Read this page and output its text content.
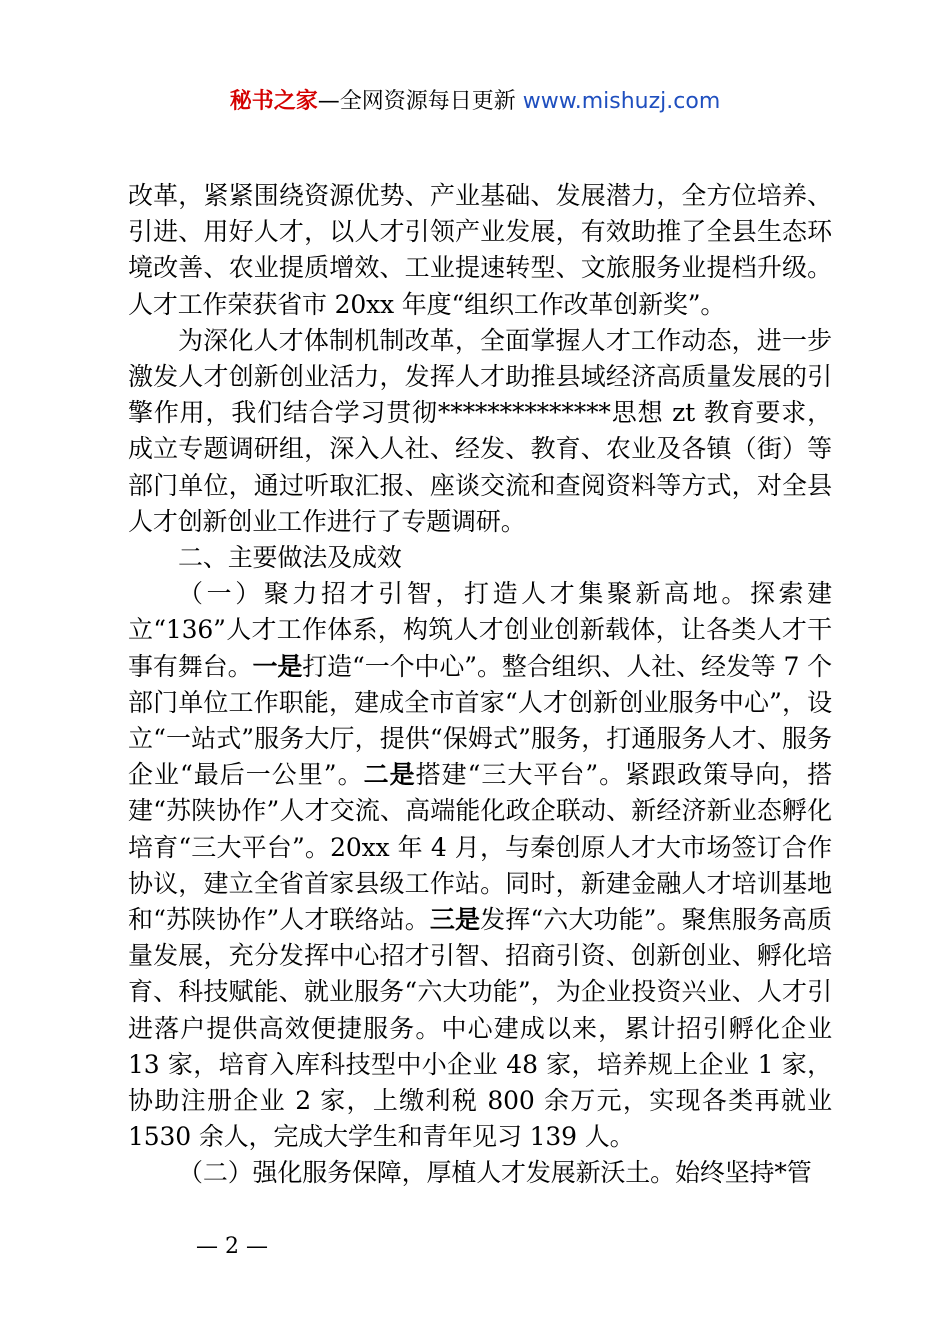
秘书之家—全网资源每日更新 www.mishuzj.com

改革，紧紧围绕资源优势、产业基础、发展潜力，全方位培养、引进、用好人才，以人才引领产业发展，有效助推了全县生态环境改善、农业提质增效、工业提速转型、文旅服务业提档升级。人才工作荣获省市 20xx 年度“组织工作改革创新奖”。

为深化人才体制机制改革，全面掌握人才工作动态，进一步激发人才创新创业活力，发挥人才助推县域经济高质量发展的引擎作用，我们结合学习贯彻**************思想 zt 教育要求，成立专题调研组，深入人社、经发、教育、农业及各镇（街）等部门单位，通过听取汇报、座谈交流和查阅资料等方式，对全县人才创新创业工作进行了专题调研。

二、主要做法及成效

（一）聚力招才引智，打造人才集聚新高地。探索建立“136”人才工作体系，构筑人才创业创新载体，让各类人才干事有舞台。一是打造“一个中心”。整合组织、人社、经发等 7 个部门单位工作职能，建成全市首家“人才创新创业服务中心”，设立“一站式”服务大厅，提供“保姆式”服务，打通服务人才、服务企业“最后一公里”。二是搭建“三大平台”。紧跟政策导向，搭建“苏陕协作”人才交流、高端能化政企联动、新经济新业态孵化培育“三大平台”。20xx 年 4 月，与秦创原人才大市场签订合作协议，建立全省首家县级工作站。同时，新建金融人才培训基地和“苏陕协作”人才联络站。三是发挥“六大功能”。聚焦服务高质量发展，充分发挥中心招才引智、招商引资、创新创业、孵化培育、科技赋能、就业服务“六大功能”，为企业投资兴业、人才引进落户提供高效便捷服务。中心建成以来，累计招引孵化企业 13 家，培育入库科技型中小企业 48 家，培养规上企业 1 家，协助注册企业 2 家，上缴利税 800 余万元，实现各类再就业 1530 余人，完成大学生和青年见习 139 人。

（二）强化服务保障，厚植人才发展新沃土。始终坚持*管

— 2 —
